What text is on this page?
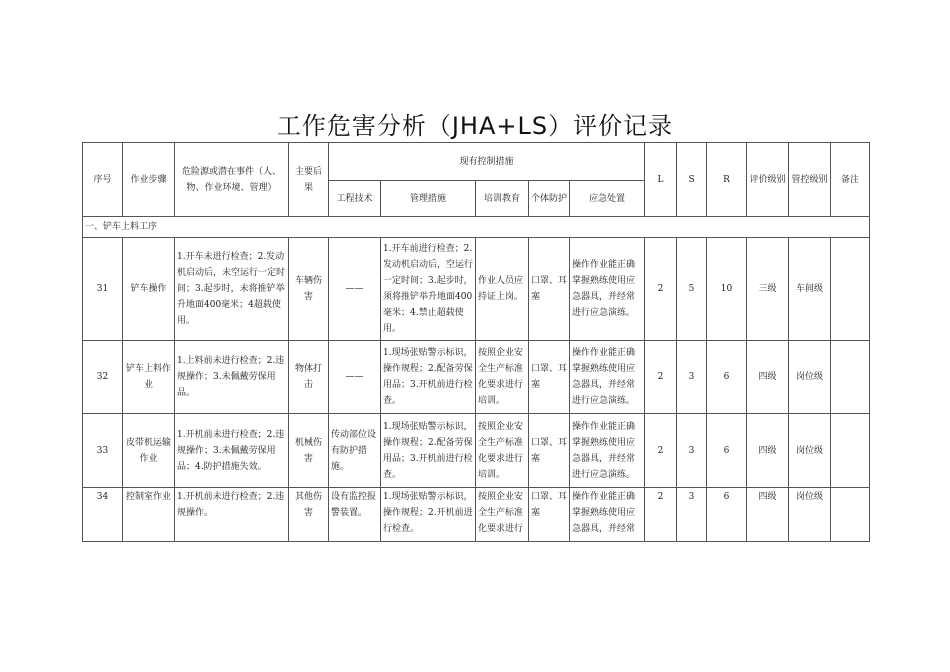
工作危害分析（JHA+LS）评价记录
序号	作业步骤	危险源或潜在事件（人、物、作业环境、管理）	主要后果	现有控制措施					L	S	R	评价级别	管控级别	备注
				工程技术	管理措施	培训教育	个体防护	应急处置						
一、铲车上料工序														
31	铲车操作	1.开车未进行检查；2.发动机启动后，未空运行一定时间；3.起步时，未将推铲举升地面400毫米；4超载使用。	车辆伤害	——	1.开车前进行检查；2.发动机启动后，空运行一定时间；3.起步时，须将推铲举升地面400毫米；4.禁止超载使用。	作业人员应持证上岗。	口罩、耳塞	操作作业能正确掌握熟练使用应急器具，并经常进行应急演练。	2	5	10	三级	车间级	
32	铲车上料作业	1.上料前未进行检查；2.违规操作；3.未佩戴劳保用品。	物体打击	——	1.现场张贴警示标识，操作规程；2.配备劳保用品；3.开机前进行检查。	按照企业安全生产标准化要求进行培训。	口罩、耳塞	操作作业能正确掌握熟练使用应急器具，并经常进行应急演练。	2	3	6	四级	岗位级	
33	皮带机运输作业	1.开机前未进行检查；2.违规操作；3.未佩戴劳保用品；4.防护措施失效。	机械伤害	传动部位设有防护措施。	1.现场张贴警示标识，操作规程；2.配备劳保用品；3.开机前进行检查。	按照企业安全生产标准化要求进行培训。	口罩、耳塞	操作作业能正确掌握熟练使用应急器具，并经常进行应急演练。	2	3	6	四级	岗位级	
34	控制室作业	1.开机前未进行检查；2.违规操作。	其他伤害	设有监控报警装置。	1.现场张贴警示标识，操作规程；2.开机前进行检查。	按照企业安全生产标准化要求进行	口罩、耳塞	操作作业能正确掌握熟练使用应急器具，并经常	2	3	6	四级	岗位级	
